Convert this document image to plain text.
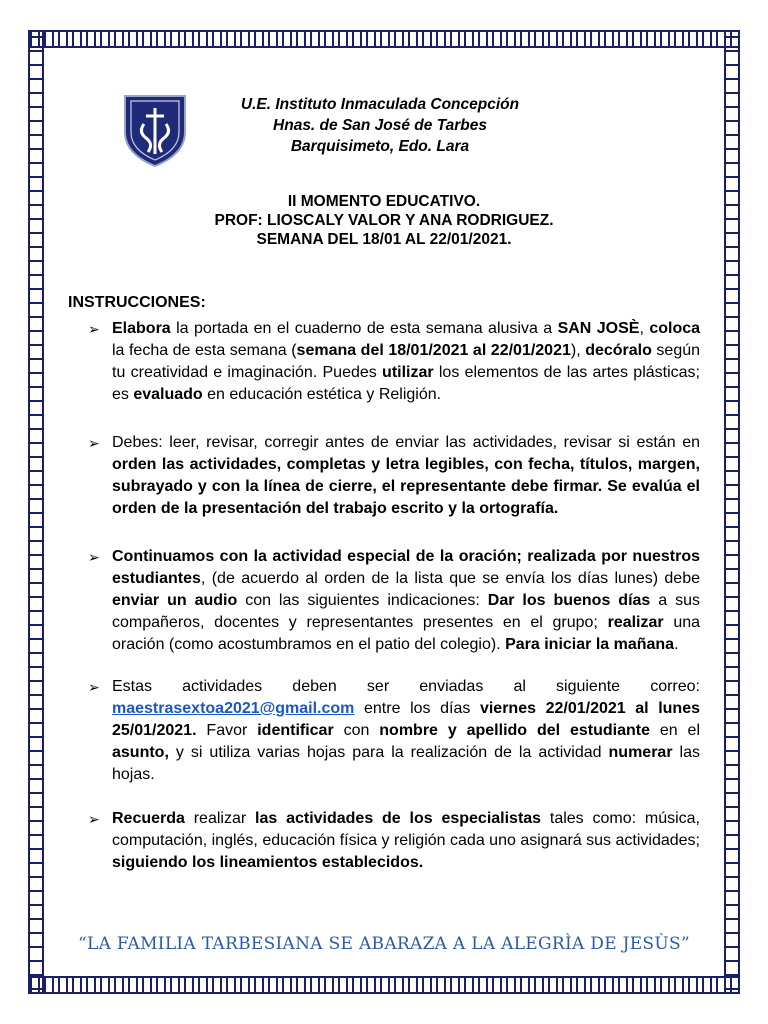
U.E. Instituto Inmaculada Concepción
Hnas. de San José de Tarbes
Barquisimeto, Edo. Lara
II MOMENTO EDUCATIVO.
PROF: LIOSCALY VALOR Y ANA RODRIGUEZ.
SEMANA DEL 18/01 AL 22/01/2021.
INSTRUCCIONES:
➢ Elabora la portada en el cuaderno de esta semana alusiva a SAN JOSÈ, coloca la fecha de esta semana (semana del 18/01/2021 al 22/01/2021), decóralo según tu creatividad e imaginación. Puedes utilizar los elementos de las artes plásticas; es evaluado en educación estética y Religión.
➢ Debes: leer, revisar, corregir antes de enviar las actividades, revisar si están en orden las actividades, completas y letra legibles, con fecha, títulos, margen, subrayado y con la línea de cierre, el representante debe firmar. Se evalúa el orden de la presentación del trabajo escrito y la ortografía.
➢ Continuamos con la actividad especial de la oración; realizada por nuestros estudiantes, (de acuerdo al orden de la lista que se envía los días lunes) debe enviar un audio con las siguientes indicaciones: Dar los buenos días a sus compañeros, docentes y representantes presentes en el grupo; realizar una oración (como acostumbramos en el patio del colegio). Para iniciar la mañana.
➢ Estas actividades deben ser enviadas al siguiente correo: maestrasextoa2021@gmail.com entre los días viernes 22/01/2021 al lunes 25/01/2021. Favor identificar con nombre y apellido del estudiante en el asunto, y si utiliza varias hojas para la realización de la actividad numerar las hojas.
➢ Recuerda realizar las actividades de los especialistas tales como: música, computación, inglés, educación física y religión cada uno asignará sus actividades; siguiendo los lineamientos establecidos.
“LA FAMILIA TARBESIANA SE ABARAZA A LA ALEGRÌA DE JESÙS”
